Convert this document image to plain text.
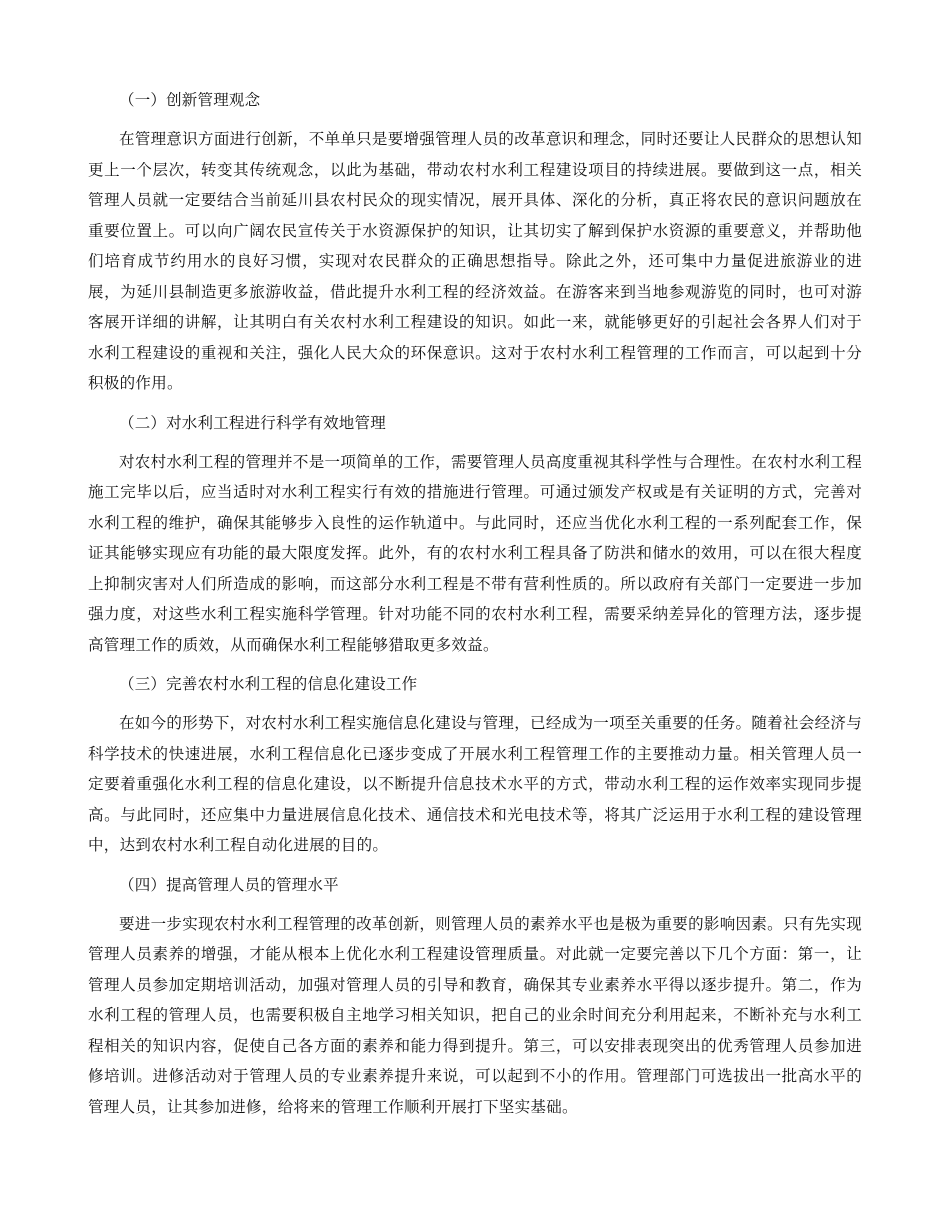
（一）创新管理观念

在管理意识方面进行创新，不单单只是要增强管理人员的改革意识和理念，同时还要让人民群众的思想认知更上一个层次，转变其传统观念，以此为基础，带动农村水利工程建设项目的持续进展。要做到这一点，相关管理人员就一定要结合当前延川县农村民众的现实情况，展开具体、深化的分析，真正将农民的意识问题放在重要位置上。可以向广阔农民宣传关于水资源保护的知识，让其切实了解到保护水资源的重要意义，并帮助他们培育成节约用水的良好习惯，实现对农民群众的正确思想指导。除此之外，还可集中力量促进旅游业的进展，为延川县制造更多旅游收益，借此提升水利工程的经济效益。在游客来到当地参观游览的同时，也可对游客展开详细的讲解，让其明白有关农村水利工程建设的知识。如此一来，就能够更好的引起社会各界人们对于水利工程建设的重视和关注，强化人民大众的环保意识。这对于农村水利工程管理的工作而言，可以起到十分积极的作用。

（二）对水利工程进行科学有效地管理

对农村水利工程的管理并不是一项简单的工作，需要管理人员高度重视其科学性与合理性。在农村水利工程施工完毕以后，应当适时对水利工程实行有效的措施进行管理。可通过颁发产权或是有关证明的方式，完善对水利工程的维护，确保其能够步入良性的运作轨道中。与此同时，还应当优化水利工程的一系列配套工作，保证其能够实现应有功能的最大限度发挥。此外，有的农村水利工程具备了防洪和储水的效用，可以在很大程度上抑制灾害对人们所造成的影响，而这部分水利工程是不带有营利性质的。所以政府有关部门一定要进一步加强力度，对这些水利工程实施科学管理。针对功能不同的农村水利工程，需要采纳差异化的管理方法，逐步提高管理工作的质效，从而确保水利工程能够猎取更多效益。

（三）完善农村水利工程的信息化建设工作

在如今的形势下，对农村水利工程实施信息化建设与管理，已经成为一项至关重要的任务。随着社会经济与科学技术的快速进展，水利工程信息化已逐步变成了开展水利工程管理工作的主要推动力量。相关管理人员一定要着重强化水利工程的信息化建设，以不断提升信息技术水平的方式，带动水利工程的运作效率实现同步提高。与此同时，还应集中力量进展信息化技术、通信技术和光电技术等，将其广泛运用于水利工程的建设管理中，达到农村水利工程自动化进展的目的。

（四）提高管理人员的管理水平

要进一步实现农村水利工程管理的改革创新，则管理人员的素养水平也是极为重要的影响因素。只有先实现管理人员素养的增强，才能从根本上优化水利工程建设管理质量。对此就一定要完善以下几个方面：第一，让管理人员参加定期培训活动，加强对管理人员的引导和教育，确保其专业素养水平得以逐步提升。第二，作为水利工程的管理人员，也需要积极自主地学习相关知识，把自己的业余时间充分利用起来，不断补充与水利工程相关的知识内容，促使自己各方面的素养和能力得到提升。第三，可以安排表现突出的优秀管理人员参加进修培训。进修活动对于管理人员的专业素养提升来说，可以起到不小的作用。管理部门可选拔出一批高水平的管理人员，让其参加进修，给将来的管理工作顺利开展打下坚实基础。
